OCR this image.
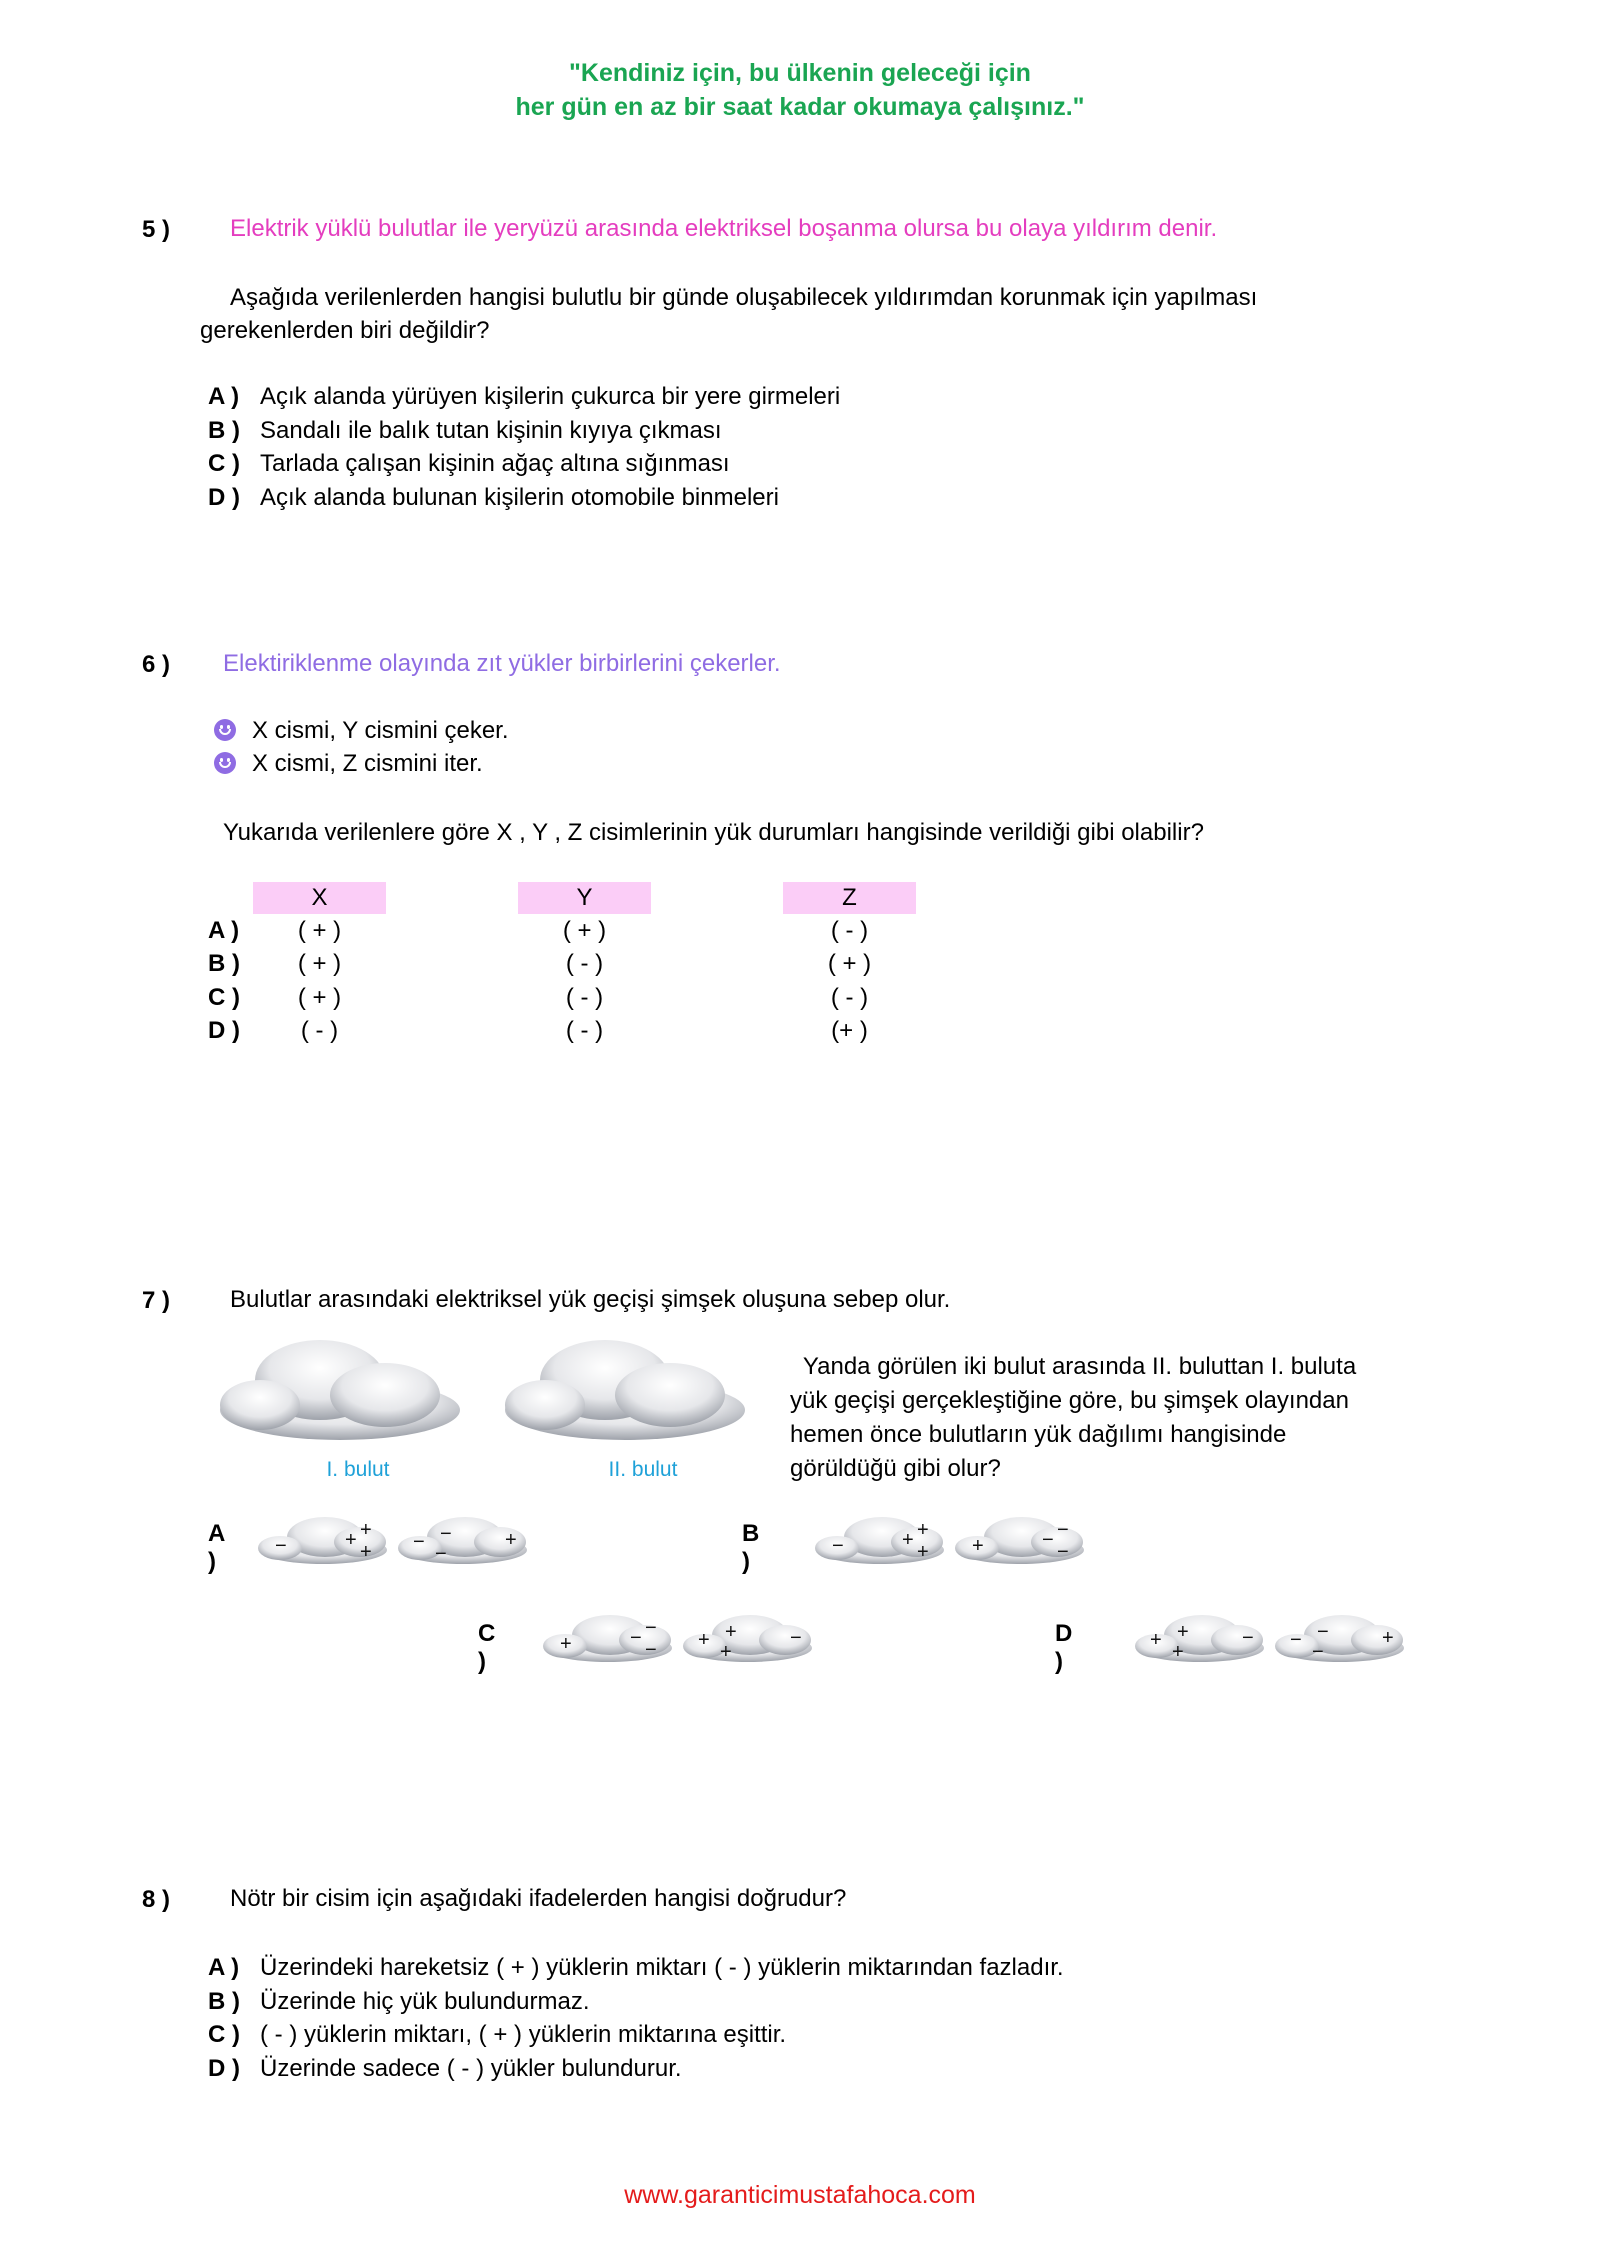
"Kendiniz için, bu ülkenin geleceği için
her gün en az bir saat kadar okumaya çalışınız."
5 ) Elektrik yüklü bulutlar ile yeryüzü arasında elektriksel boşanma olursa bu olaya yıldırım denir.
Aşağıda verilenlerden hangisi bulutlu bir günde oluşabilecek yıldırımdan korunmak için yapılması
gerekenlerden biri değildir?
A ) Açık alanda yürüyen kişilerin çukurca bir yere girmeleri
B ) Sandalı ile balık tutan kişinin kıyıya çıkması
C ) Tarlada çalışan kişinin ağaç altına sığınması
D ) Açık alanda bulunan kişilerin otomobile binmeleri
6 ) Elektiriklenme olayında zıt yükler birbirlerini çekerler.
X cismi, Y cismini çeker.
X cismi, Z cismini iter.
Yukarıda verilenlere göre X , Y , Z cisimlerinin yük durumları hangisinde verildiği gibi olabilir?
X	Y	Z
A )	( + )	( + )	( - )
B )	( + )	( - )	( + )
C )	( + )	( - )	( - )
D )	( - )	( - )	(+ )
7 ) Bulutlar arasındaki elektriksel yük geçişi şimşek oluşuna sebep olur.
I. bulut	II. bulut
Yanda görülen iki bulut arasında II. buluttan I. buluta
yük geçişi gerçekleştiğine göre, bu şimşek olayından
hemen önce bulutların yük dağılımı hangisinde
görüldüğü gibi olur?
A )
−	+ +
+ − −
−
+	B )
−	+ +
+ +	− −
−
C )
+	− −
− + +
+
−	D )
+ +
+
− − −
−
+
8 ) Nötr bir cisim için aşağıdaki ifadelerden hangisi doğrudur?
A ) Üzerindeki hareketsiz ( + ) yüklerin miktarı ( - ) yüklerin miktarından fazladır.
B ) Üzerinde hiç yük bulundurmaz.
C ) ( - ) yüklerin miktarı, ( + ) yüklerin miktarına eşittir.
D ) Üzerinde sadece ( - ) yükler bulundurur.
www.garanticimustafahoca.com
